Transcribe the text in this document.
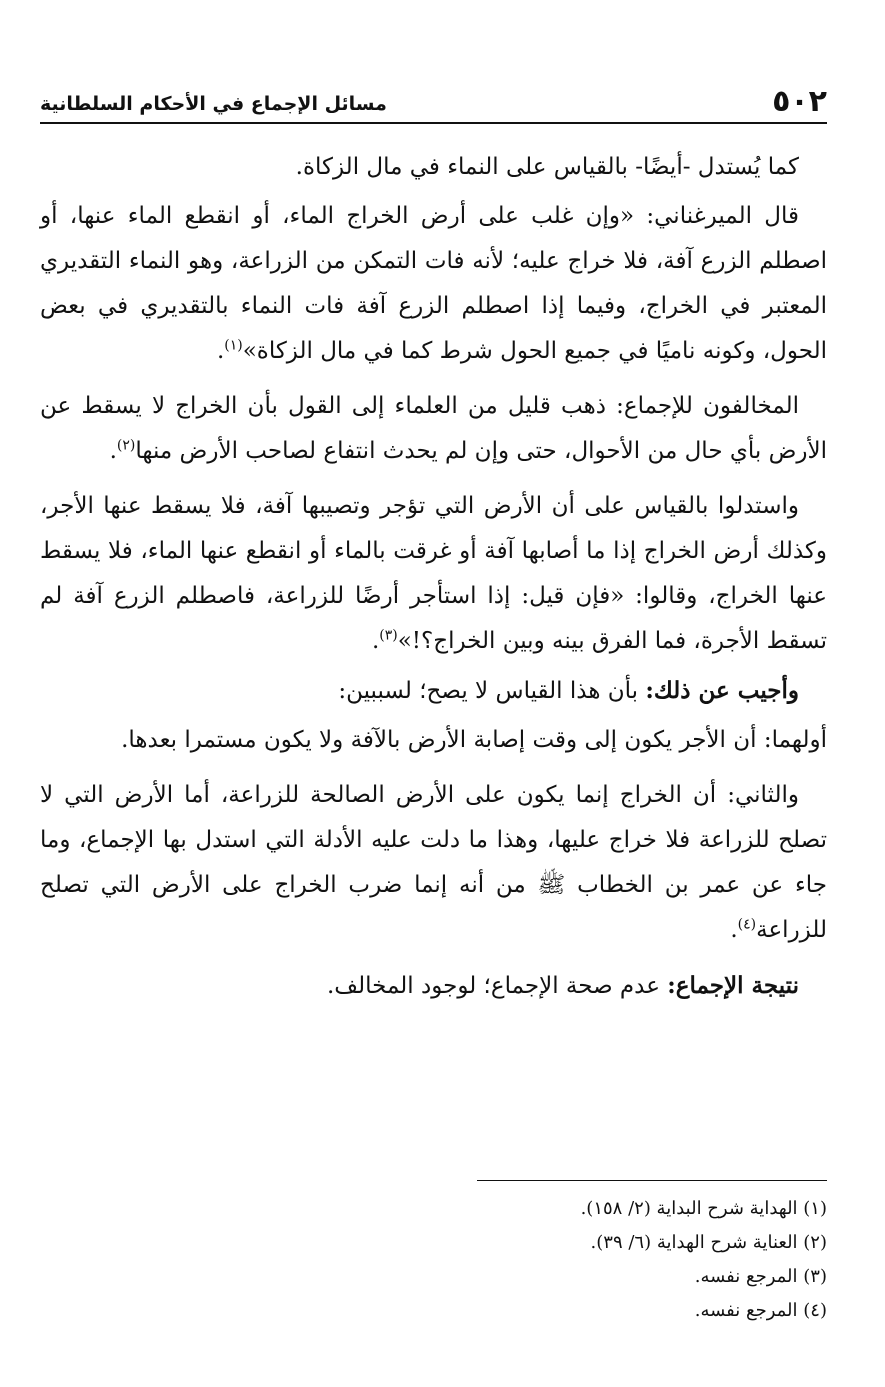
٥٠٢
مسائل الإجماع في الأحكام السلطانية

كما يُستدل -أيضًا- بالقياس على النماء في مال الزكاة.

قال الميرغناني: «وإن غلب على أرض الخراج الماء، أو انقطع الماء عنها، أو اصطلم الزرع آفة، فلا خراج عليه؛ لأنه فات التمكن من الزراعة، وهو النماء التقديري المعتبر في الخراج، وفيما إذا اصطلم الزرع آفة فات النماء بالتقديري في بعض الحول، وكونه ناميًا في جميع الحول شرط كما في مال الزكاة»$^{(١)}$.

المخالفون للإجماع: ذهب قليل من العلماء إلى القول بأن الخراج لا يسقط عن الأرض بأي حال من الأحوال، حتى وإن لم يحدث انتفاع لصاحب الأرض منها$^{(٢)}$.

واستدلوا بالقياس على أن الأرض التي تؤجر وتصيبها آفة، فلا يسقط عنها الأجر، وكذلك أرض الخراج إذا ما أصابها آفة أو غرقت بالماء أو انقطع عنها الماء، فلا يسقط عنها الخراج، وقالوا: «فإن قيل: إذا استأجر أرضًا للزراعة، فاصطلم الزرع آفة لم تسقط الأجرة، فما الفرق بينه وبين الخراج؟!»$^{(٣)}$.

وأجيب عن ذلك: بأن هذا القياس لا يصح؛ لسببين:

أولهما: أن الأجر يكون إلى وقت إصابة الأرض بالآفة ولا يكون مستمرا بعدها.

والثاني: أن الخراج إنما يكون على الأرض الصالحة للزراعة، أما الأرض التي لا تصلح للزراعة فلا خراج عليها، وهذا ما دلت عليه الأدلة التي استدل بها الإجماع، وما جاء عن عمر بن الخطاب ﷺ من أنه إنما ضرب الخراج على الأرض التي تصلح للزراعة$^{(٤)}$.

نتيجة الإجماع: عدم صحة الإجماع؛ لوجود المخالف.

(١) الهداية شرح البداية (٢/ ١٥٨).

(٢) العناية شرح الهداية (٦/ ٣٩).

(٣) المرجع نفسه.

(٤) المرجع نفسه.
